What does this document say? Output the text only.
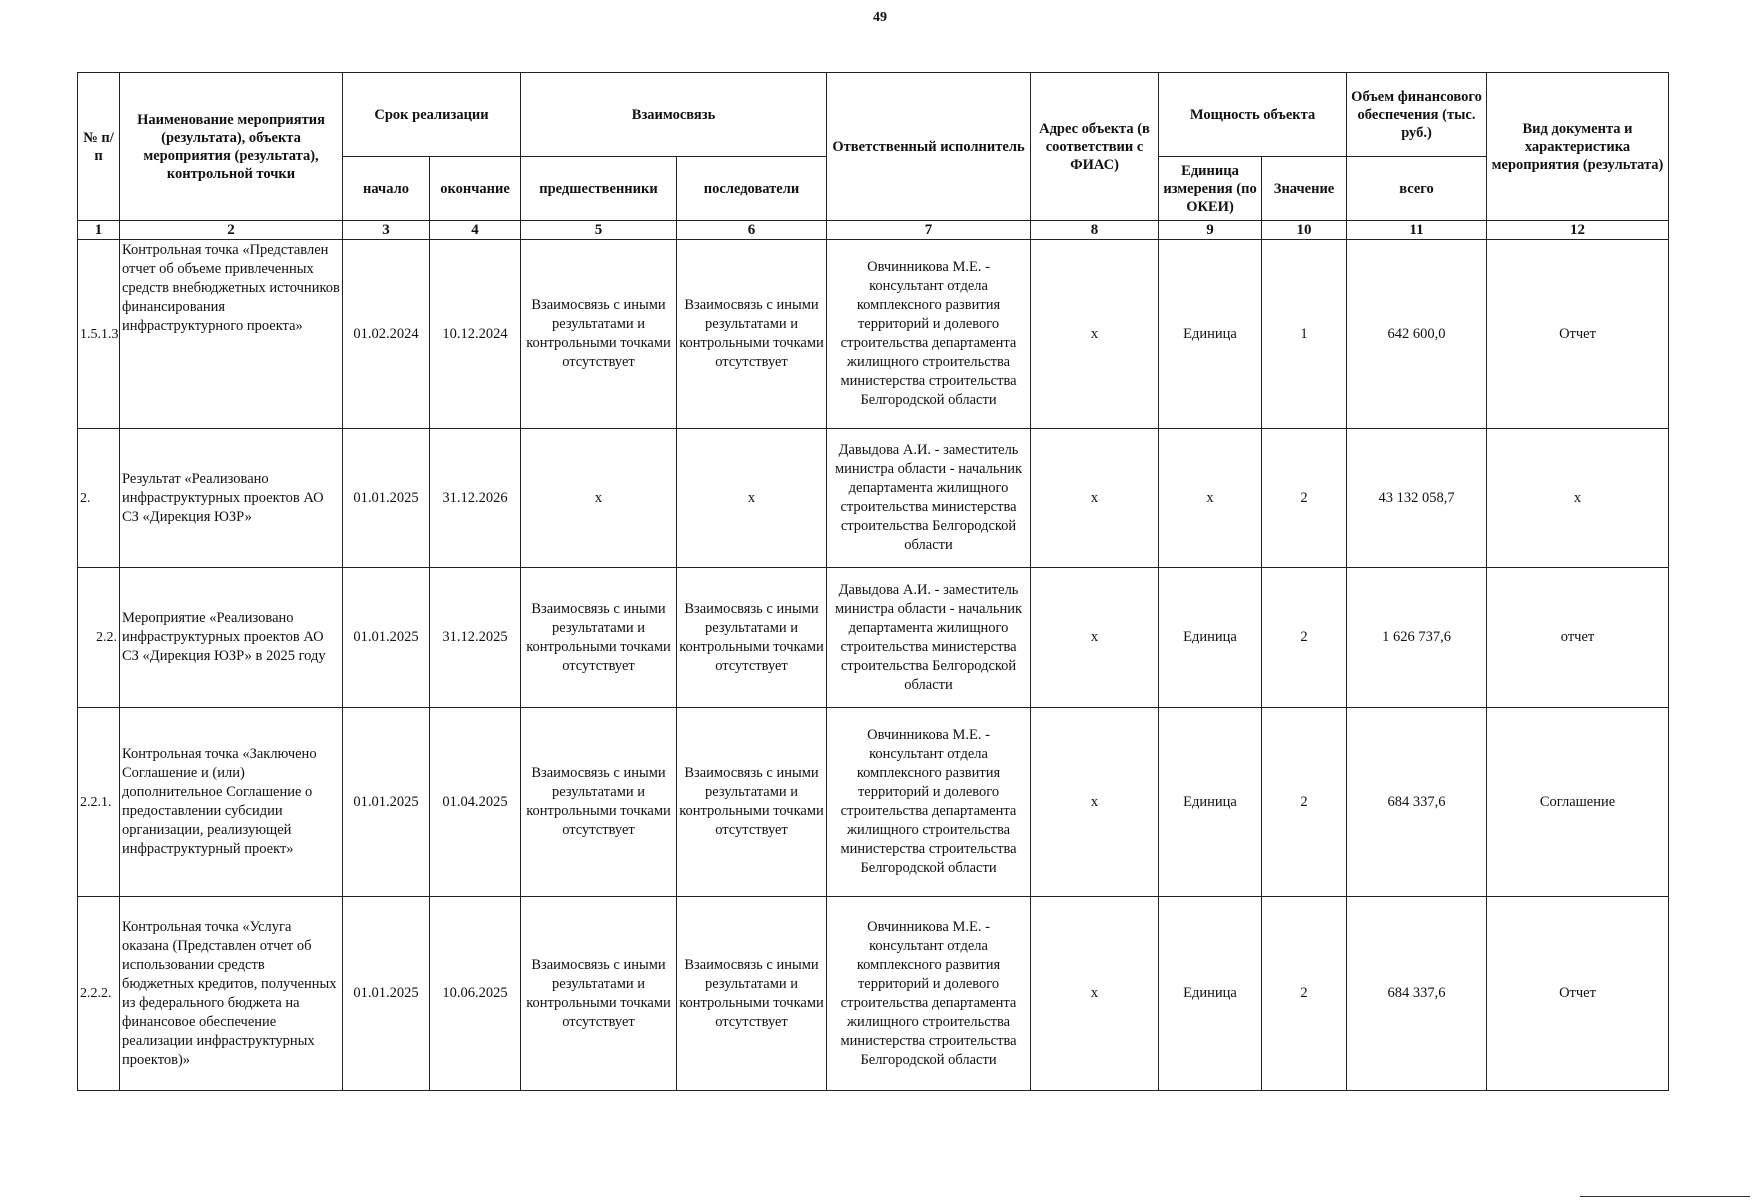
49
№ п/п	Наименование мероприятия (результата), объекта мероприятия (результата), контрольной точки	Срок реализации		Взаимосвязь		Ответственный исполнитель	Адрес объекта (в соответствии с ФИАС)	Мощность объекта		Объем финансового обеспечения (тыс. руб.)	Вид документа и характеристика мероприятия (результата)
		начало	окончание	предшественники	последователи			Единица измерения (по ОКЕИ)	Значение	всего	
1	2	3	4	5	6	7	8	9	10	11	12
1.5.1.3	Контрольная точка «Представлен отчет об объеме привлеченных средств внебюджетных источников финансирования инфраструктурного проекта»	01.02.2024	10.12.2024	Взаимосвязь с иными результатами и контрольными точками отсутствует	Взаимосвязь с иными результатами и контрольными точками отсутствует	Овчинникова М.Е. - консультант отдела комплексного развития территорий и долевого строительства департамента жилищного строительства министерства строительства Белгородской области	x	Единица	1	642 600,0	Отчет
2.	Результат «Реализовано инфраструктурных проектов АО СЗ «Дирекция ЮЗР»	01.01.2025	31.12.2026	x	x	Давыдова А.И. - заместитель министра области - начальник департамента жилищного строительства министерства строительства Белгородской области	x	x	2	43 132 058,7	x
2.2.	Мероприятие «Реализовано инфраструктурных проектов АО СЗ «Дирекция ЮЗР» в 2025 году	01.01.2025	31.12.2025	Взаимосвязь с иными результатами и контрольными точками отсутствует	Взаимосвязь с иными результатами и контрольными точками отсутствует	Давыдова А.И. - заместитель министра области - начальник департамента жилищного строительства министерства строительства Белгородской области	x	Единица	2	1 626 737,6	отчет
2.2.1.	Контрольная точка «Заключено Соглашение и (или) дополнительное Соглашение о предоставлении субсидии организации, реализующей инфраструктурный проект»	01.01.2025	01.04.2025	Взаимосвязь с иными результатами и контрольными точками отсутствует	Взаимосвязь с иными результатами и контрольными точками отсутствует	Овчинникова М.Е. - консультант отдела комплексного развития территорий и долевого строительства департамента жилищного строительства министерства строительства Белгородской области	x	Единица	2	684 337,6	Соглашение
2.2.2.	Контрольная точка «Услуга оказана (Представлен отчет об использовании средств бюджетных кредитов, полученных из федерального бюджета на финансовое обеспечение реализации инфраструктурных проектов)»	01.01.2025	10.06.2025	Взаимосвязь с иными результатами и контрольными точками отсутствует	Взаимосвязь с иными результатами и контрольными точками отсутствует	Овчинникова М.Е. - консультант отдела комплексного развития территорий и долевого строительства департамента жилищного строительства министерства строительства Белгородской области	x	Единица	2	684 337,6	Отчет
